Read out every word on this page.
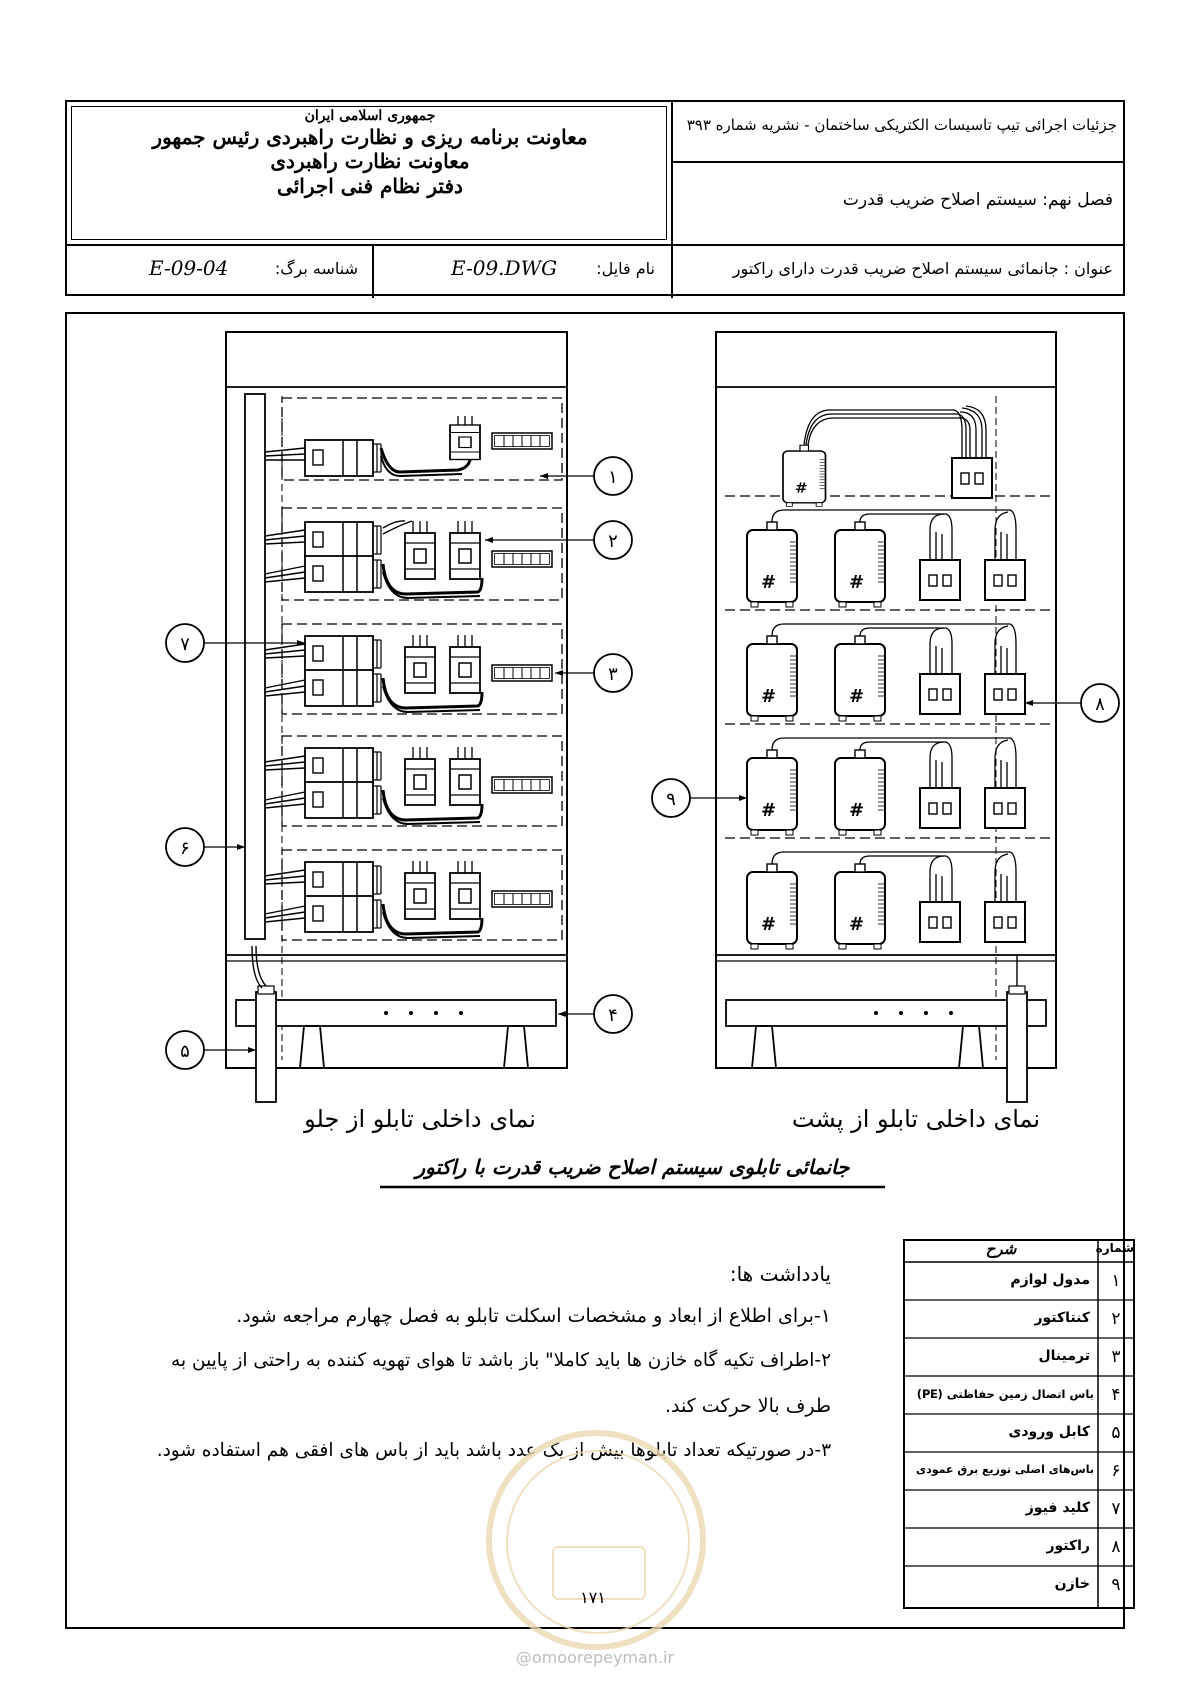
جمهوری اسلامی ایران
معاونت برنامه ریزی و نظارت راهبردی رئیس جمهور
معاونت نظارت راهبردی
دفتر نظام فنی اجرائی
جزئیات اجرائی تیپ تاسیسات الکتریکی ساختمان - نشریه شماره ۳۹۳
فصل نهم: سیستم اصلاح ضریب قدرت
عنوان : جانمائی سیستم اصلاح ضریب قدرت دارای راکتور
نام فایل:
E-09.DWG
شناسه برگ:
E-09-04
#
۱
۲
۳
۴
۵
۶
۷
۸
۹
نمای داخلی تابلو از جلو	نمای داخلی تابلو از پشت
جانمائی تابلوی سیستم اصلاح ضریب قدرت با راکتور
یادداشت ها:
۱-برای اطلاع از ابعاد و مشخصات اسکلت تابلو به فصل چهارم مراجعه شود.
۲-اطراف تکیه گاه خازن ها باید کاملا" باز باشد تا هوای تهویه کننده به راحتی از پایین به
طرف بالا حرکت کند.
۳-در صورتیکه تعداد تابلوها بیش از یک عدد باشد باید از باس های افقی هم استفاده شود.
شماره
شرح
۱
مدول لوازم
۲
کنتاکتور
۳
ترمینال
۴
باس اتصال زمین حفاظتی (PE)
۵
کابل ورودی
۶
باس‌های اصلی توزیع برق عمودی
۷
کلید فیوز
۸
راکتور
۹
خازن
۱۷۱
@omoorepeyman.ir
